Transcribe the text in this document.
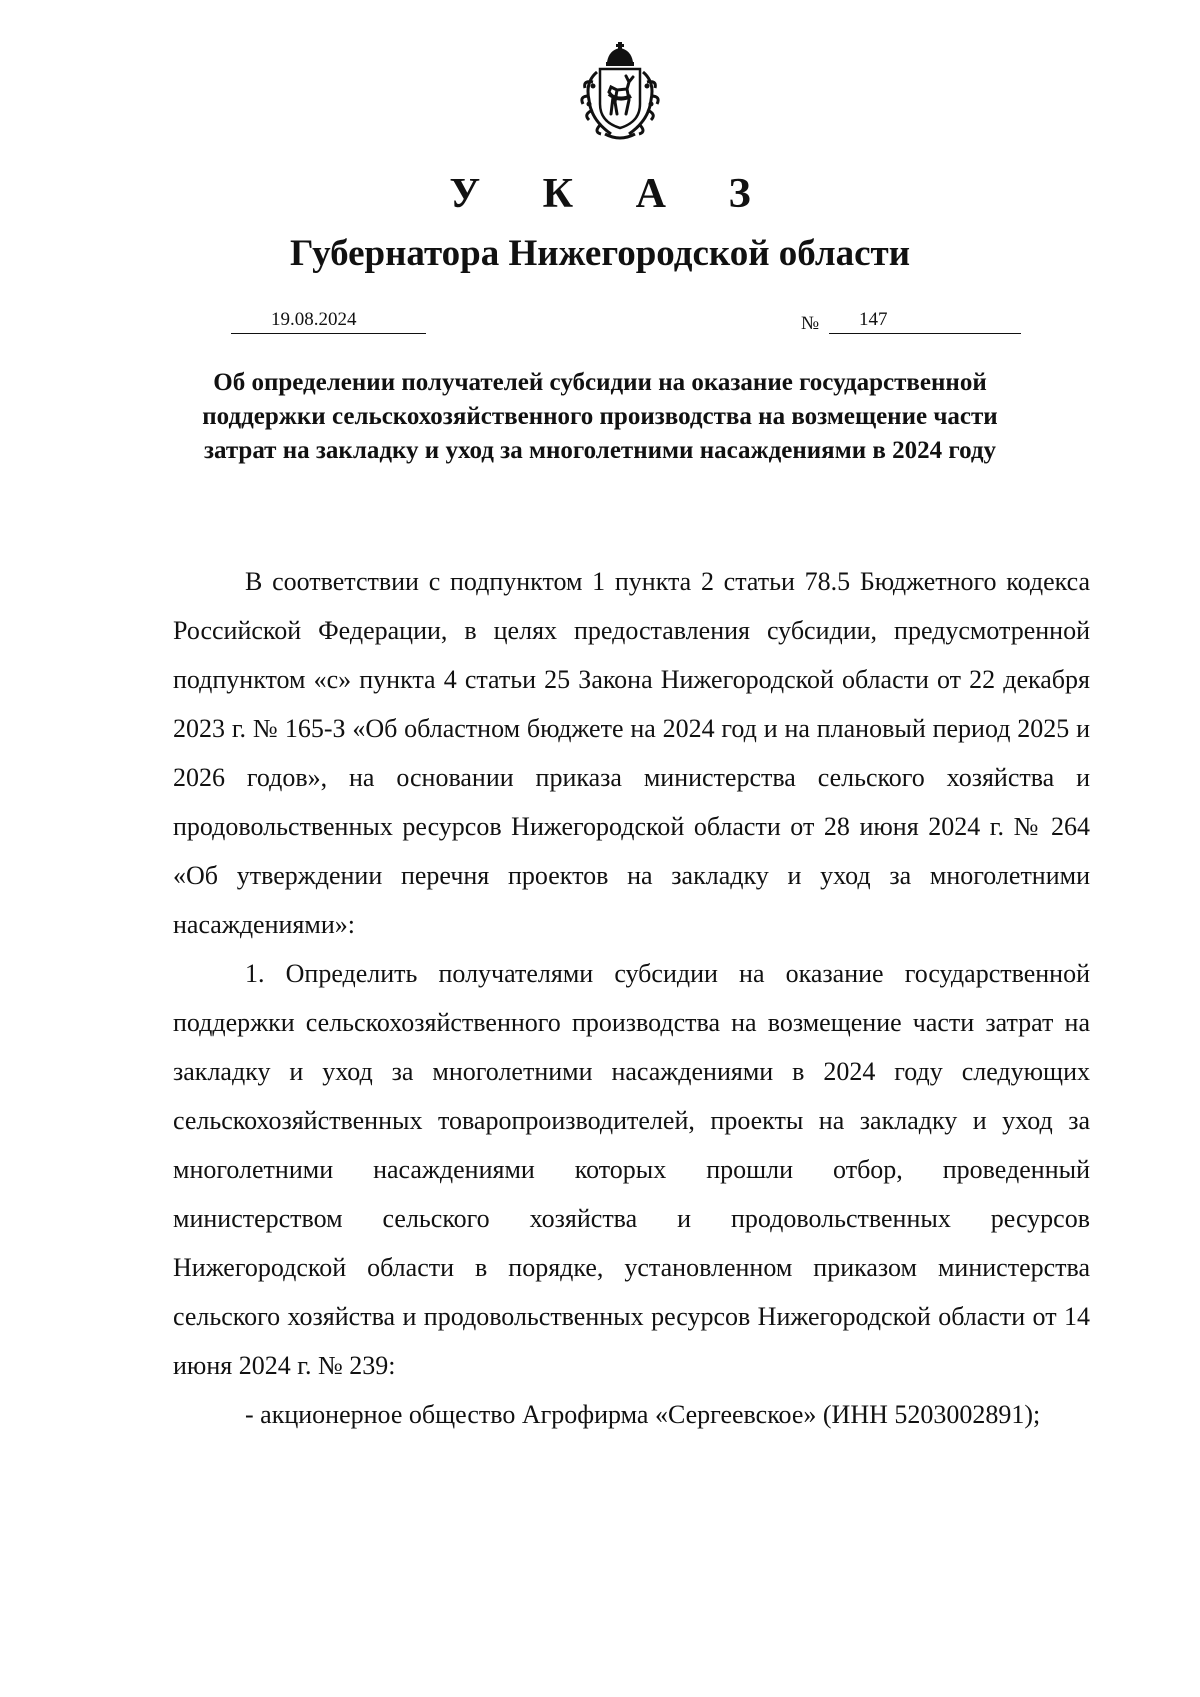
У К А З
Губернатора Нижегородской области
19.08.2024	№ 147
Об определении получателей субсидии на оказание государственной поддержки сельскохозяйственного производства на возмещение части затрат на закладку и уход за многолетними насаждениями в 2024 году

В соответствии с подпунктом 1 пункта 2 статьи 78.5 Бюджетного кодекса Российской Федерации, в целях предоставления субсидии, предусмотренной подпунктом «с» пункта 4 статьи 25 Закона Нижегородской области от 22 декабря 2023 г. № 165-З «Об областном бюджете на 2024 год и на плановый период 2025 и 2026 годов», на основании приказа министерства сельского хозяйства и продовольственных ресурсов Нижегородской области от 28 июня 2024 г. № 264 «Об утверждении перечня проектов на закладку и уход за многолетними насаждениями»:

1. Определить получателями субсидии на оказание государственной поддержки сельскохозяйственного производства на возмещение части затрат на закладку и уход за многолетними насаждениями в 2024 году следующих сельскохозяйственных товаропроизводителей, проекты на закладку и уход за многолетними насаждениями которых прошли отбор, проведенный министерством сельского хозяйства и продовольственных ресурсов Нижегородской области в порядке, установленном приказом министерства сельского хозяйства и продовольственных ресурсов Нижегородской области от 14 июня 2024 г. № 239:

- акционерное общество Агрофирма «Сергеевское» (ИНН 5203002891);
